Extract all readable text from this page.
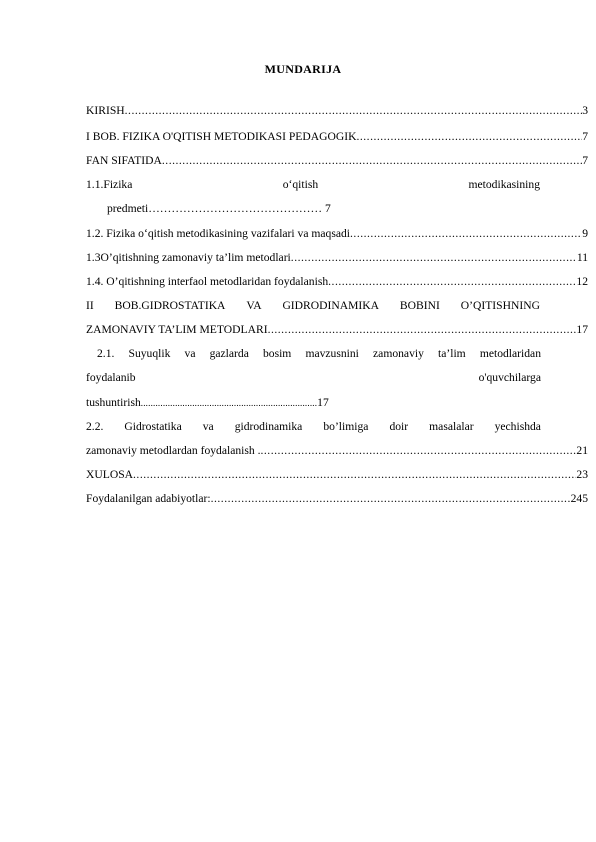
MUNDARIJA
KIRISH .....	3
I BOB. FIZIKA O'QITISH METODIKASI PEDAGOGIK .....	7
FAN SIFATIDA .....	7
1.1.Fizika	o‘qitish	metodikasining
predmeti……………………………………… 7
1.2. Fizika o‘qitish metodikasining vazifalari va maqsadi .....	9
1.3O’qitishning zamonaviy ta’lim metodlari .....	11
1.4. O’qitishning interfaol metodlaridan foydalanish .....	12
II BOB.GIDROSTATIKA VA GIDRODINAMIKA BOBINI O’QITISHNING
ZAMONAVIY TA’LIM METODLARI .....	17
2.1. Suyuqlik va gazlarda bosim mavzusnini zamonaviy ta’lim metodlaridan
foydalanib	o'quvchilarga
tushuntirish........................................................................17
2.2. Gidrostatika va gidrodinamika bo’limiga doir masalalar yechishda
zamonaviy metodlardan foydalanish . .....	21
XULOSA .....	23
Foydalanilgan adabiyotlar: .....	245
